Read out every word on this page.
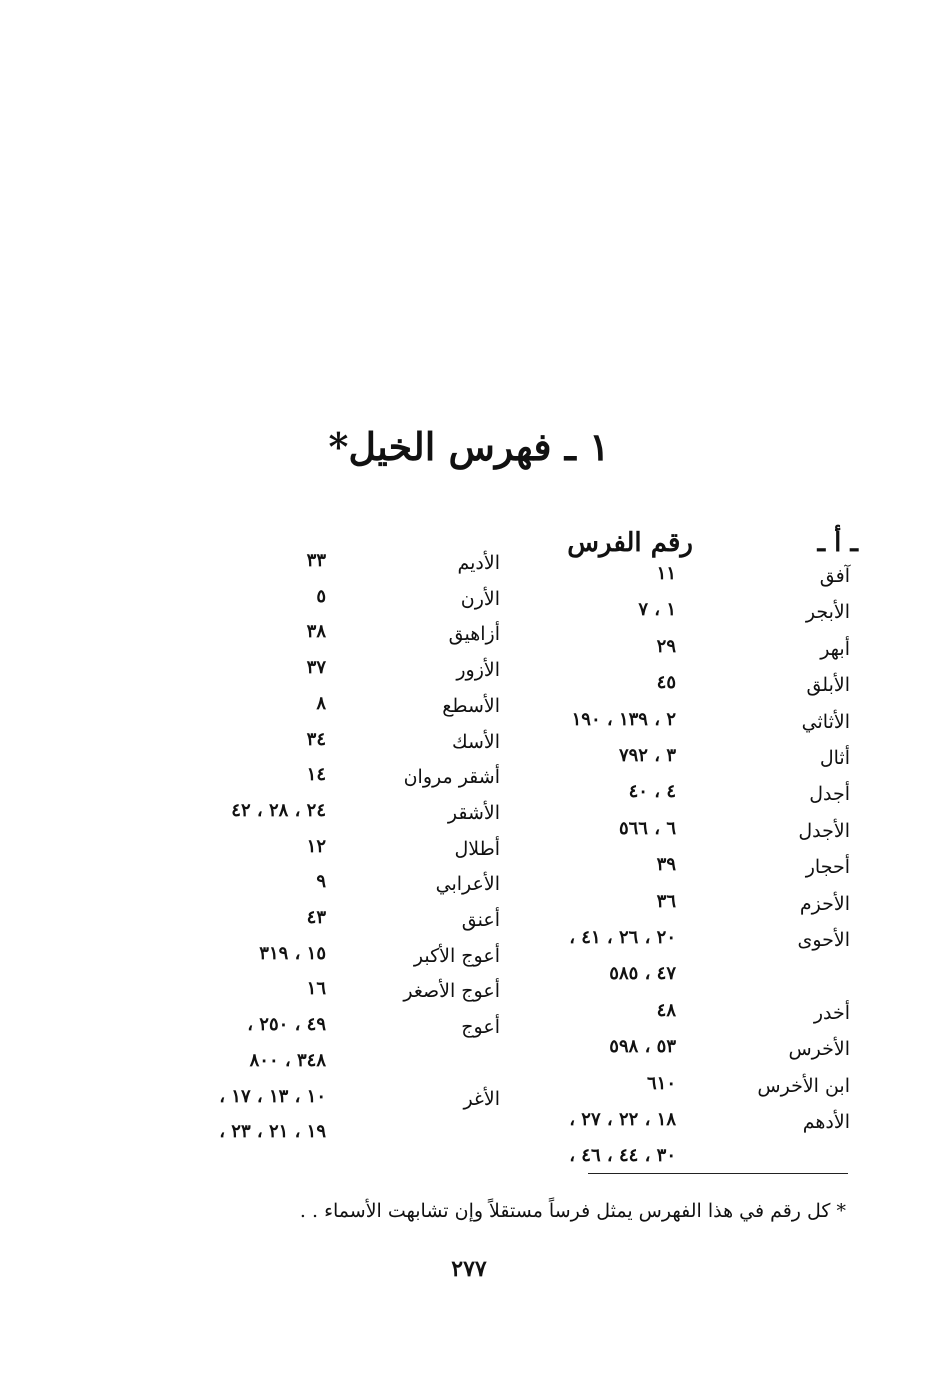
١ ـ فهرس الخيل*
ـ أ ـ
رقم الفرس
آفق
١١
الأبجر
١ ، ٧
أبهر
٢٩
الأبلق
٤٥
الأثاثي
٢ ، ١٣٩ ، ١٩٠
أثال
٣ ، ٧٩٢
أجدل
٤ ، ٤٠
الأجدل
٦ ، ٥٦٦
أحجار
٣٩
الأحزم
٣٦
الأحوى
٢٠ ، ٢٦ ، ٤١ ،
٤٧ ، ٥٨٥
أخدر
٤٨
الأخرس
٥٣ ، ٥٩٨
ابن الأخرس
٦١٠
الأدهم
١٨ ، ٢٢ ، ٢٧ ،
٣٠ ، ٤٤ ، ٤٦ ،
الأديم
٣٣
الأرن
٥
أزاهيق
٣٨
الأزور
٣٧
الأسطع
٨
الأسك
٣٤
أشقر مروان
١٤
الأشقر
٢٤ ، ٢٨ ، ٤٢
أطلال
١٢
الأعرابي
٩
أعنق
٤٣
أعوج الأكبر
١٥ ، ٣١٩
أعوج الأصغر
١٦
أعوج
٤٩ ، ٢٥٠ ،
٣٤٨ ، ٨٠٠
الأغر
١٠ ، ١٣ ، ١٧ ،
١٩ ، ٢١ ، ٢٣ ،
* كل رقم في هذا الفهرس يمثل فرساً مستقلاً وإن تشابهت الأسماء . .
٢٧٧
